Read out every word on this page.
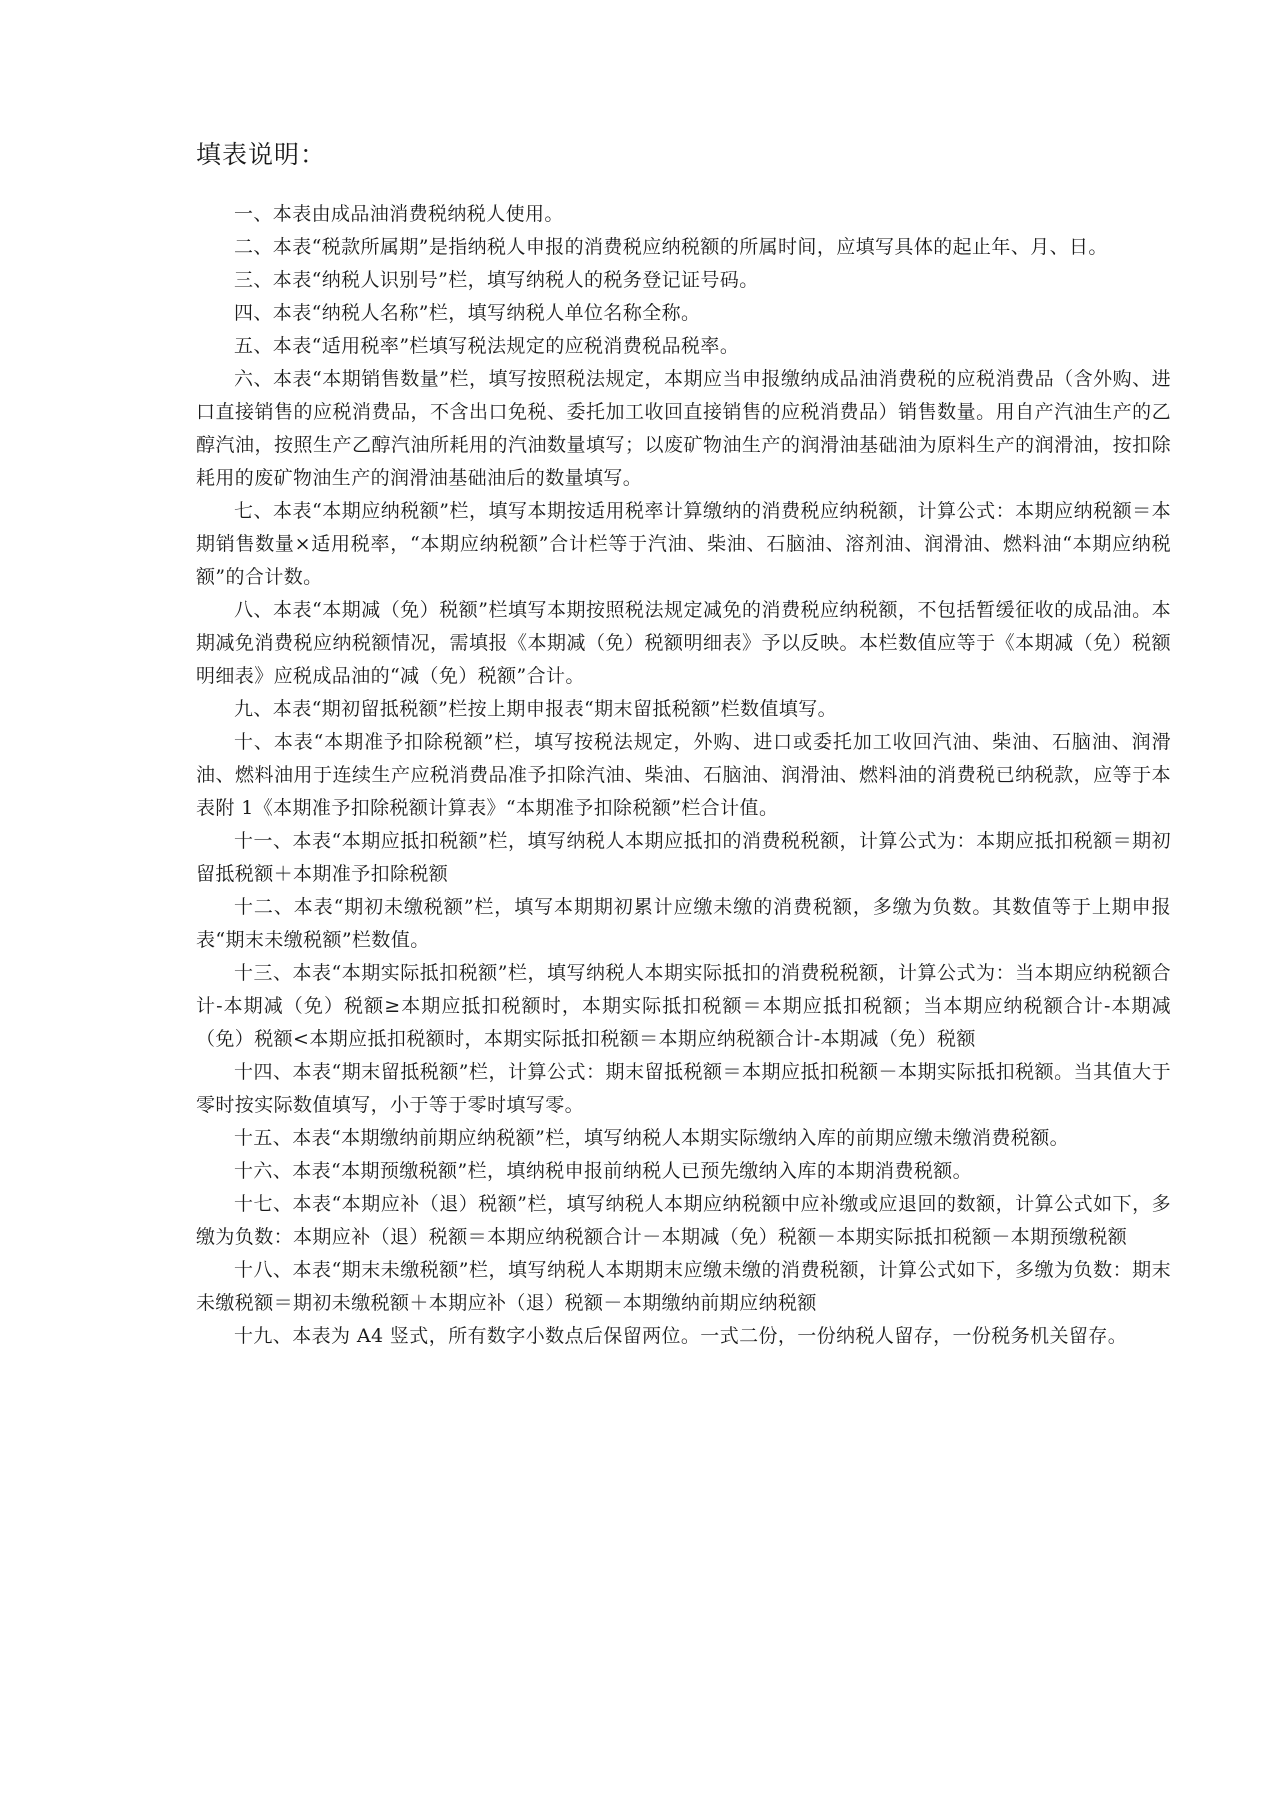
填表说明：

一、本表由成品油消费税纳税人使用。

二、本表“税款所属期”是指纳税人申报的消费税应纳税额的所属时间，应填写具体的起止年、月、日。

三、本表“纳税人识别号”栏，填写纳税人的税务登记证号码。

四、本表“纳税人名称”栏，填写纳税人单位名称全称。

五、本表“适用税率”栏填写税法规定的应税消费税品税率。

六、本表“本期销售数量”栏，填写按照税法规定，本期应当申报缴纳成品油消费税的应税消费品（含外购、进口直接销售的应税消费品，不含出口免税、委托加工收回直接销售的应税消费品）销售数量。用自产汽油生产的乙醇汽油，按照生产乙醇汽油所耗用的汽油数量填写；以废矿物油生产的润滑油基础油为原料生产的润滑油，按扣除耗用的废矿物油生产的润滑油基础油后的数量填写。

七、本表“本期应纳税额”栏，填写本期按适用税率计算缴纳的消费税应纳税额，计算公式：本期应纳税额＝本期销售数量×适用税率，“本期应纳税额”合计栏等于汽油、柴油、石脑油、溶剂油、润滑油、燃料油“本期应纳税额”的合计数。

八、本表“本期减（免）税额”栏填写本期按照税法规定减免的消费税应纳税额，不包括暂缓征收的成品油。本期减免消费税应纳税额情况，需填报《本期减（免）税额明细表》予以反映。本栏数值应等于《本期减（免）税额明细表》应税成品油的“减（免）税额”合计。

九、本表“期初留抵税额”栏按上期申报表“期末留抵税额”栏数值填写。

十、本表“本期准予扣除税额”栏，填写按税法规定，外购、进口或委托加工收回汽油、柴油、石脑油、润滑油、燃料油用于连续生产应税消费品准予扣除汽油、柴油、石脑油、润滑油、燃料油的消费税已纳税款，应等于本表附 1《本期准予扣除税额计算表》“本期准予扣除税额”栏合计值。

十一、本表“本期应抵扣税额”栏，填写纳税人本期应抵扣的消费税税额，计算公式为：本期应抵扣税额＝期初留抵税额＋本期准予扣除税额

十二、本表“期初未缴税额”栏，填写本期期初累计应缴未缴的消费税额，多缴为负数。其数值等于上期申报表“期末未缴税额”栏数值。

十三、本表“本期实际抵扣税额”栏，填写纳税人本期实际抵扣的消费税税额，计算公式为：当本期应纳税额合计-本期减（免）税额≥本期应抵扣税额时，本期实际抵扣税额＝本期应抵扣税额；当本期应纳税额合计-本期减（免）税额<本期应抵扣税额时，本期实际抵扣税额＝本期应纳税额合计-本期减（免）税额

十四、本表“期末留抵税额”栏，计算公式：期末留抵税额＝本期应抵扣税额－本期实际抵扣税额。当其值大于零时按实际数值填写，小于等于零时填写零。

十五、本表“本期缴纳前期应纳税额”栏，填写纳税人本期实际缴纳入库的前期应缴未缴消费税额。

十六、本表“本期预缴税额”栏，填纳税申报前纳税人已预先缴纳入库的本期消费税额。

十七、本表“本期应补（退）税额”栏，填写纳税人本期应纳税额中应补缴或应退回的数额，计算公式如下，多缴为负数：本期应补（退）税额＝本期应纳税额合计－本期减（免）税额－本期实际抵扣税额－本期预缴税额

十八、本表“期末未缴税额”栏，填写纳税人本期期末应缴未缴的消费税额，计算公式如下，多缴为负数：期末未缴税额＝期初未缴税额＋本期应补（退）税额－本期缴纳前期应纳税额

十九、本表为 A4 竖式，所有数字小数点后保留两位。一式二份，一份纳税人留存，一份税务机关留存。
